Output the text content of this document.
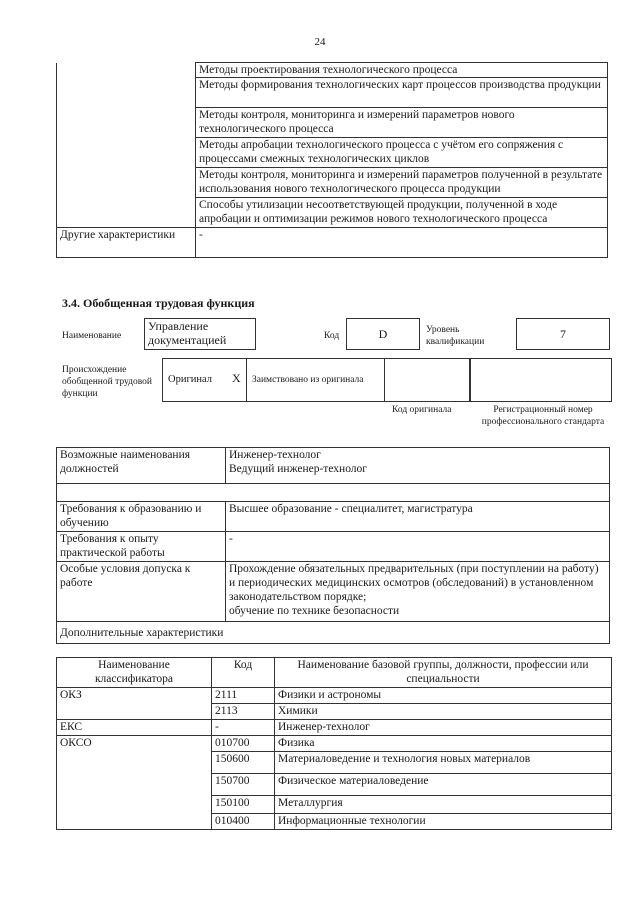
24
	Методы проектирования технологического процесса
	Методы формирования технологических карт процессов производства продукции
	Методы контроля, мониторинга и измерений параметров нового технологического процесса
	Методы апробации технологического процесса с учётом его сопряжения с процессами смежных технологических циклов
	Методы контроля, мониторинга и измерений параметров полученной в результате использования нового технологического процесса продукции
	Способы утилизации несоответствующей продукции, полученной в ходе апробации и оптимизации режимов нового технологического процесса
Другие характеристики	-
3.4. Обобщенная трудовая функция
Наименование
Управление документацией	Код	D	Уровень квалификации
7
Происхождение обобщенной трудовой функции
Оригинал X Заимствовано из оригинала
Код оригинала	Регистрационный номер профессионального стандарта
Возможные наименования должностей	Инженер-технолог
Ведущий инженер-технолог

Требования к образованию и обучению	Высшее образование - специалитет, магистратура
Требования к опыту практической работы	-
Особые условия допуска к работе	Прохождение обязательных предварительных (при поступлении на работу) и периодических медицинских осмотров (обследований) в установленном законодательством порядке;
обучение по технике безопасности

Дополнительные характеристики	
Наименование классификатора	Код	Наименование базовой группы, должности, профессии или специальности
ОКЗ	2111	Физики и астрономы
	2113	Химики
ЕКС	-	Инженер-технолог
ОКСО	010700	Физика
	150600	Материаловедение и технология новых материалов
	150700	Физическое материаловедение
	150100	Металлургия
	010400	Информационные технологии
